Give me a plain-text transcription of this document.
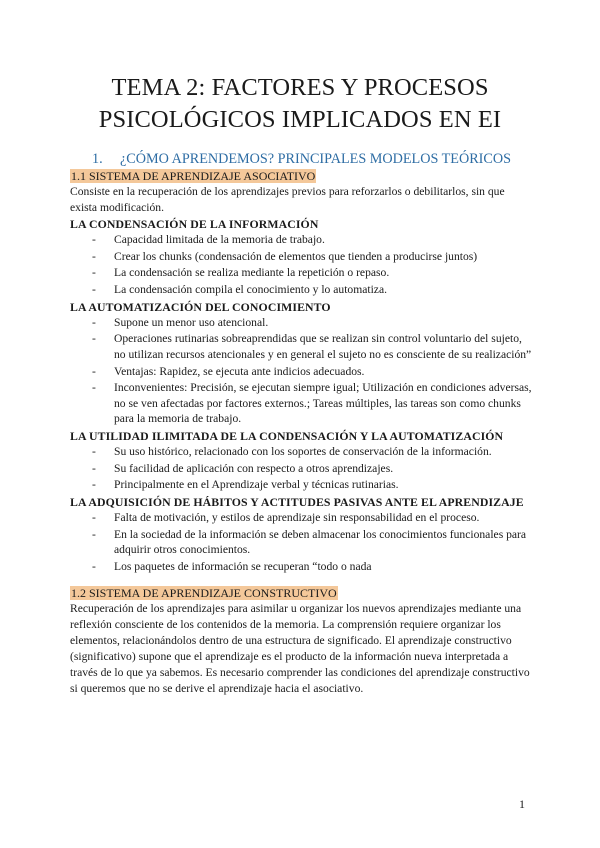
TEMA 2: FACTORES Y PROCESOS
PSICOLÓGICOS IMPLICADOS EN EI
1. ¿CÓMO APRENDEMOS? PRINCIPALES MODELOS TEÓRICOS

1.1 SISTEMA DE APRENDIZAJE ASOCIATIVO

Consiste en la recuperación de los aprendizajes previos para reforzarlos o debilitarlos, sin que exista modificación.

LA CONDENSACIÓN DE LA INFORMACIÓN

- Capacidad limitada de la memoria de trabajo.
- Crear los chunks (condensación de elementos que tienden a producirse juntos)
- La condensación se realiza mediante la repetición o repaso.
- La condensación compila el conocimiento y lo automatiza.

LA AUTOMATIZACIÓN DEL CONOCIMIENTO

- Supone un menor uso atencional.
- Operaciones rutinarias sobreaprendidas que se realizan sin control voluntario del sujeto, no utilizan recursos atencionales y en general el sujeto no es consciente de su realización”
- Ventajas: Rapidez, se ejecuta ante indicios adecuados.
- Inconvenientes: Precisión, se ejecutan siempre igual; Utilización en condiciones adversas, no se ven afectadas por factores externos.; Tareas múltiples, las tareas son como chunks para la memoria de trabajo.

LA UTILIDAD ILIMITADA DE LA CONDENSACIÓN Y LA AUTOMATIZACIÓN

- Su uso histórico, relacionado con los soportes de conservación de la información.
- Su facilidad de aplicación con respecto a otros aprendizajes.
- Principalmente en el Aprendizaje verbal y técnicas rutinarias.

LA ADQUISICIÓN DE HÁBITOS Y ACTITUDES PASIVAS ANTE EL APRENDIZAJE

- Falta de motivación, y estilos de aprendizaje sin responsabilidad en el proceso.
- En la sociedad de la información se deben almacenar los conocimientos funcionales para adquirir otros conocimientos.
- Los paquetes de información se recuperan “todo o nada

1.2 SISTEMA DE APRENDIZAJE CONSTRUCTIVO

Recuperación de los aprendizajes para asimilar u organizar los nuevos aprendizajes mediante una reflexión consciente de los contenidos de la memoria. La comprensión requiere organizar los elementos, relacionándolos dentro de una estructura de significado. El aprendizaje constructivo (significativo) supone que el aprendizaje es el producto de la información nueva interpretada a través de lo que ya sabemos. Es necesario comprender las condiciones del aprendizaje constructivo si queremos que no se derive el aprendizaje hacia el asociativo.

1
